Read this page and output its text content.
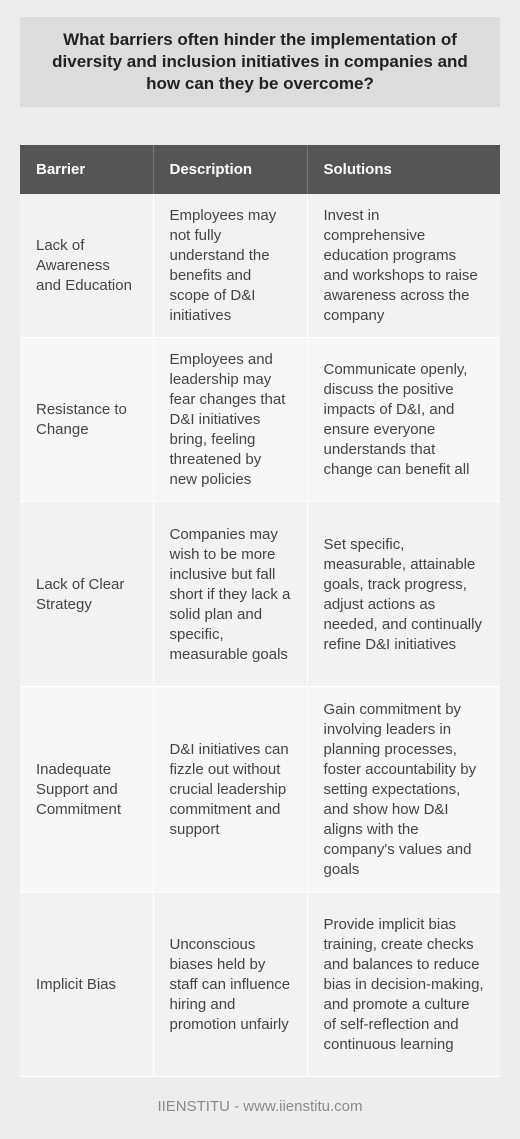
What barriers often hinder the implementation of diversity and inclusion initiatives in companies and how can they be overcome?
Barrier	Description	Solutions
Lack of Awareness and Education	Employees may not fully understand the benefits and scope of D&I initiatives	Invest in comprehensive education programs and workshops to raise awareness across the company
Resistance to Change	Employees and leadership may fear changes that D&I initiatives bring, feeling threatened by new policies	Communicate openly, discuss the positive impacts of D&I, and ensure everyone understands that change can benefit all
Lack of Clear Strategy	Companies may wish to be more inclusive but fall short if they lack a solid plan and specific, measurable goals	Set specific, measurable, attainable goals, track progress, adjust actions as needed, and continually refine D&I initiatives
Inadequate Support and Commitment	D&I initiatives can fizzle out without crucial leadership commitment and support	Gain commitment by involving leaders in planning processes, foster accountability by setting expectations, and show how D&I aligns with the company's values and goals
Implicit Bias	Unconscious biases held by staff can influence hiring and promotion unfairly	Provide implicit bias training, create checks and balances to reduce bias in decision-making, and promote a culture of self-reflection and continuous learning
IIENSTITU - www.iienstitu.com
